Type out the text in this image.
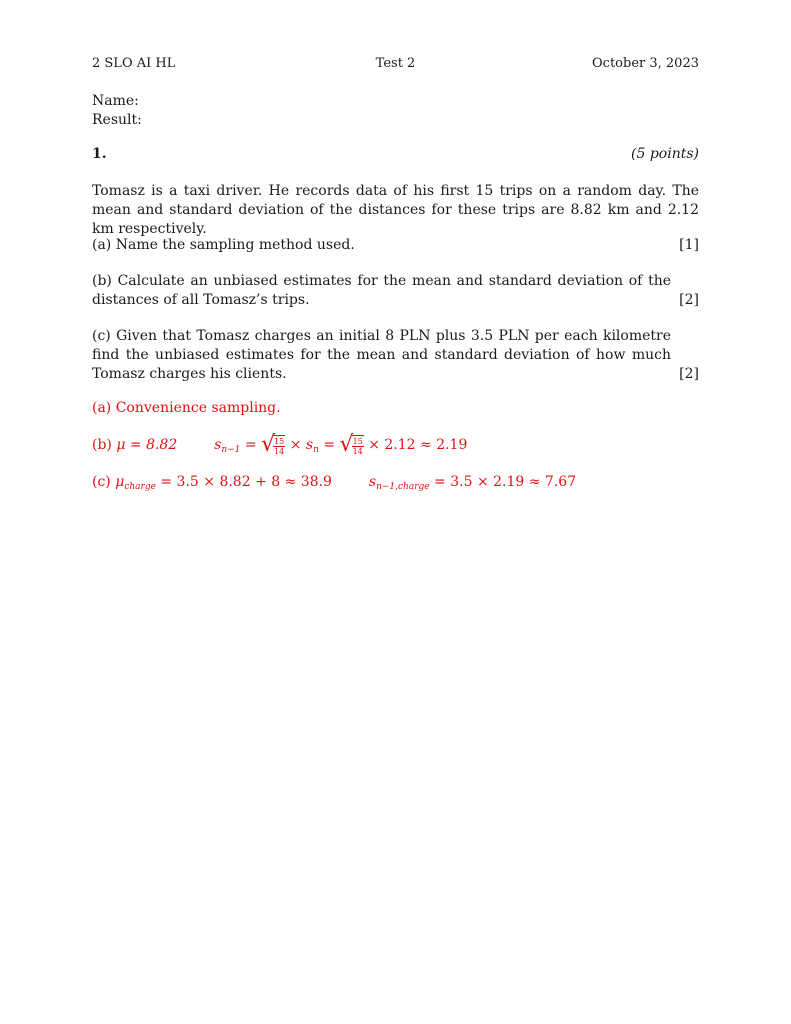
2 SLO AI HL	Test 2	October 3, 2023
Name:
Result:
1.	(5 points)
Tomasz is a taxi driver. He records data of his first 15 trips on a random day. The mean and standard deviation of the distances for these trips are 8.82 km and 2.12 km respectively.
(a) Name the sampling method used.	[1]
(b) Calculate an unbiased estimates for the mean and standard deviation of the distances of all Tomasz’s trips.	[2]
(c) Given that Tomasz charges an initial 8 PLN plus 3.5 PLN per each kilometre find the unbiased estimates for the mean and standard deviation of how much Tomasz charges his clients.	[2]
(a) Convenience sampling.
(b) μ = 8.82	$s_{n-1}$ = √
$\frac{15}{14} \times s_n$ = √
$\frac{15}{14} \times 2.12 \approx 2.19$
(c) $\mu_{charge} = 3.5 \times 8.82 + 8 \approx 38.9$	$s_{n-1,charge} = 3.5 \times 2.19 \approx 7.67$
